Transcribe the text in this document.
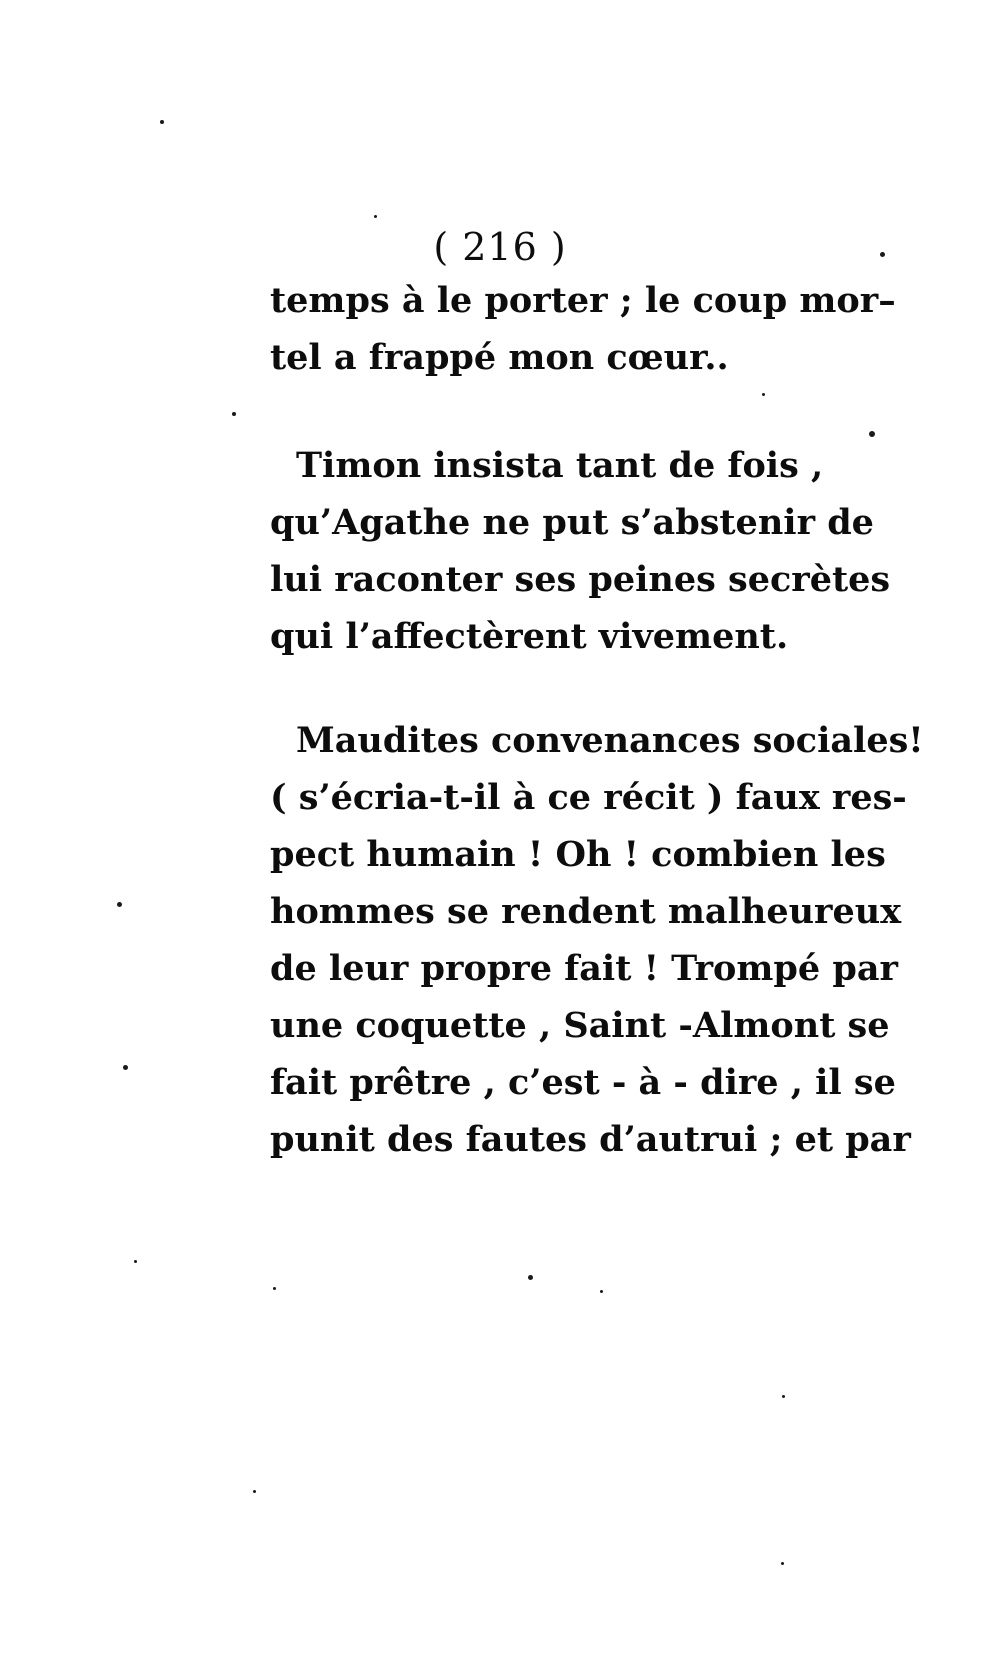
( 216 )

temps à le porter ; le coup mor–
tel a frappé mon cœur..

Timon insista tant de fois ,
qu’Agathe ne put s’abstenir de
lui raconter ses peines secrètes
qui l’affectèrent vivement.

Maudites convenances sociales!
( s’écria-t-il à ce récit ) faux res-
pect humain ! Oh ! combien les
hommes se rendent malheureux
de leur propre fait ! Trompé par
une coquette , Saint -Almont se
fait prêtre , c’est - à - dire , il se
punit des fautes d’autrui ; et par
